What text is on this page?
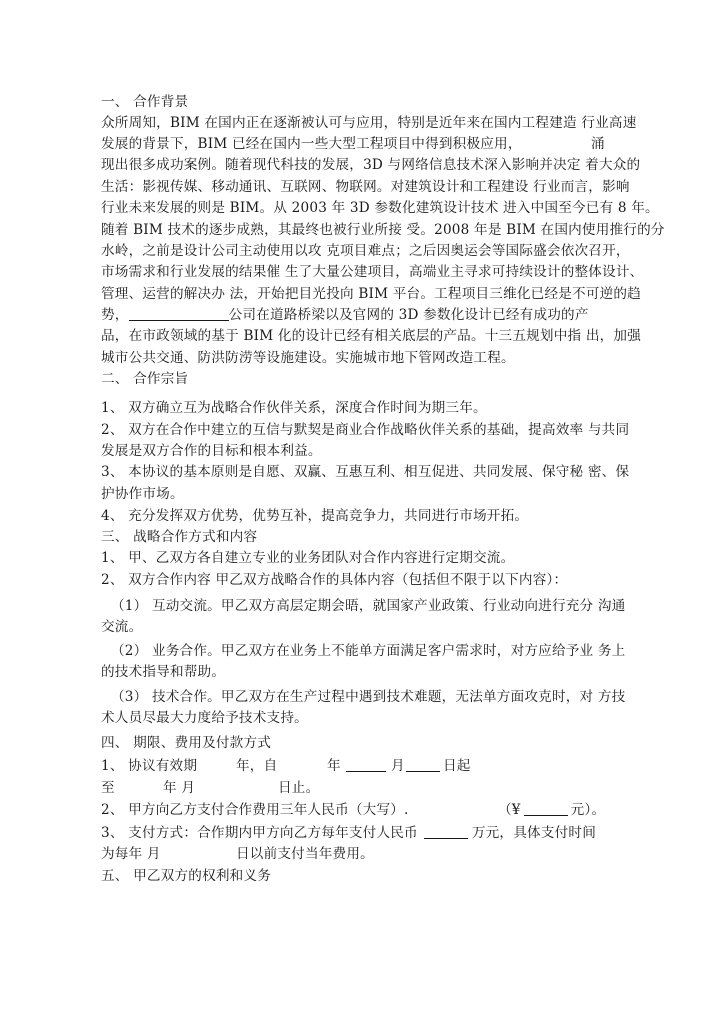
一、 合作背景
众所周知，BIM 在国内正在逐渐被认可与应用，特别是近年来在国内工程建造 行业高速
发展的背景下，BIM 已经在国内一些大型工程项目中得到积极应用，	涌
现出很多成功案例。随着现代科技的发展，3D 与网络信息技术深入影响并决定 着大众的
生活：影视传媒、移动通讯、互联网、物联网。对建筑设计和工程建设 行业而言，影响
行业未来发展的则是 BIM。从 2003 年 3D 参数化建筑设计技术 进入中国至今已有 8 年。
随着 BIM 技术的逐步成熟，其最终也被行业所接 受。2008 年是 BIM 在国内使用推行的分
水岭，之前是设计公司主动使用以攻 克项目难点；之后因奥运会等国际盛会依次召开，
市场需求和行业发展的结果催 生了大量公建项目，高端业主寻求可持续设计的整体设计、
管理、运营的解决办 法，开始把目光投向 BIM 平台。工程项目三维化已经是不可逆的趋
势，	公司在道路桥梁以及官网的 3D 参数化设计已经有成功的产
品，在市政领域的基于 BIM 化的设计已经有相关底层的产品。十三五规划中指 出，加强
城市公共交通、防洪防涝等设施建设。实施城市地下管网改造工程。
二、 合作宗旨
1、 双方确立互为战略合作伙伴关系，深度合作时间为期三年。
2、 双方在合作中建立的互信与默契是商业合作战略伙伴关系的基础，提高效率 与共同
发展是双方合作的目标和根本利益。
3、 本协议的基本原则是自愿、双赢、互惠互利、相互促进、共同发展、保守秘 密、保
护协作市场。
4、 充分发挥双方优势，优势互补，提高竞争力，共同进行市场开拓。
三、 战略合作方式和内容
1、 甲、乙双方各自建立专业的业务团队对合作内容进行定期交流。
2、 双方合作内容 甲乙双方战略合作的具体内容（包括但不限于以下内容）：
（1） 互动交流。甲乙双方高层定期会晤，就国家产业政策、行业动向进行充分 沟通
交流。
（2） 业务合作。甲乙双方在业务上不能单方面满足客户需求时，对方应给予业 务上
的技术指导和帮助。
（3） 技术合作。甲乙双方在生产过程中遇到技术难题，无法单方面攻克时，对 方技
术人员尽最大力度给予技术支持。
四、 期限、费用及付款方式
1、 协议有效期	年，自	年	月	日起
至	年 月	日止。
2、 甲方向乙方支付合作费用三年人民币（大写）.	（¥	元）。
3、 支付方式：合作期内甲方向乙方每年支付人民币	万元，具体支付时间
为每年 月	日以前支付当年费用。
五、 甲乙双方的权利和义务
